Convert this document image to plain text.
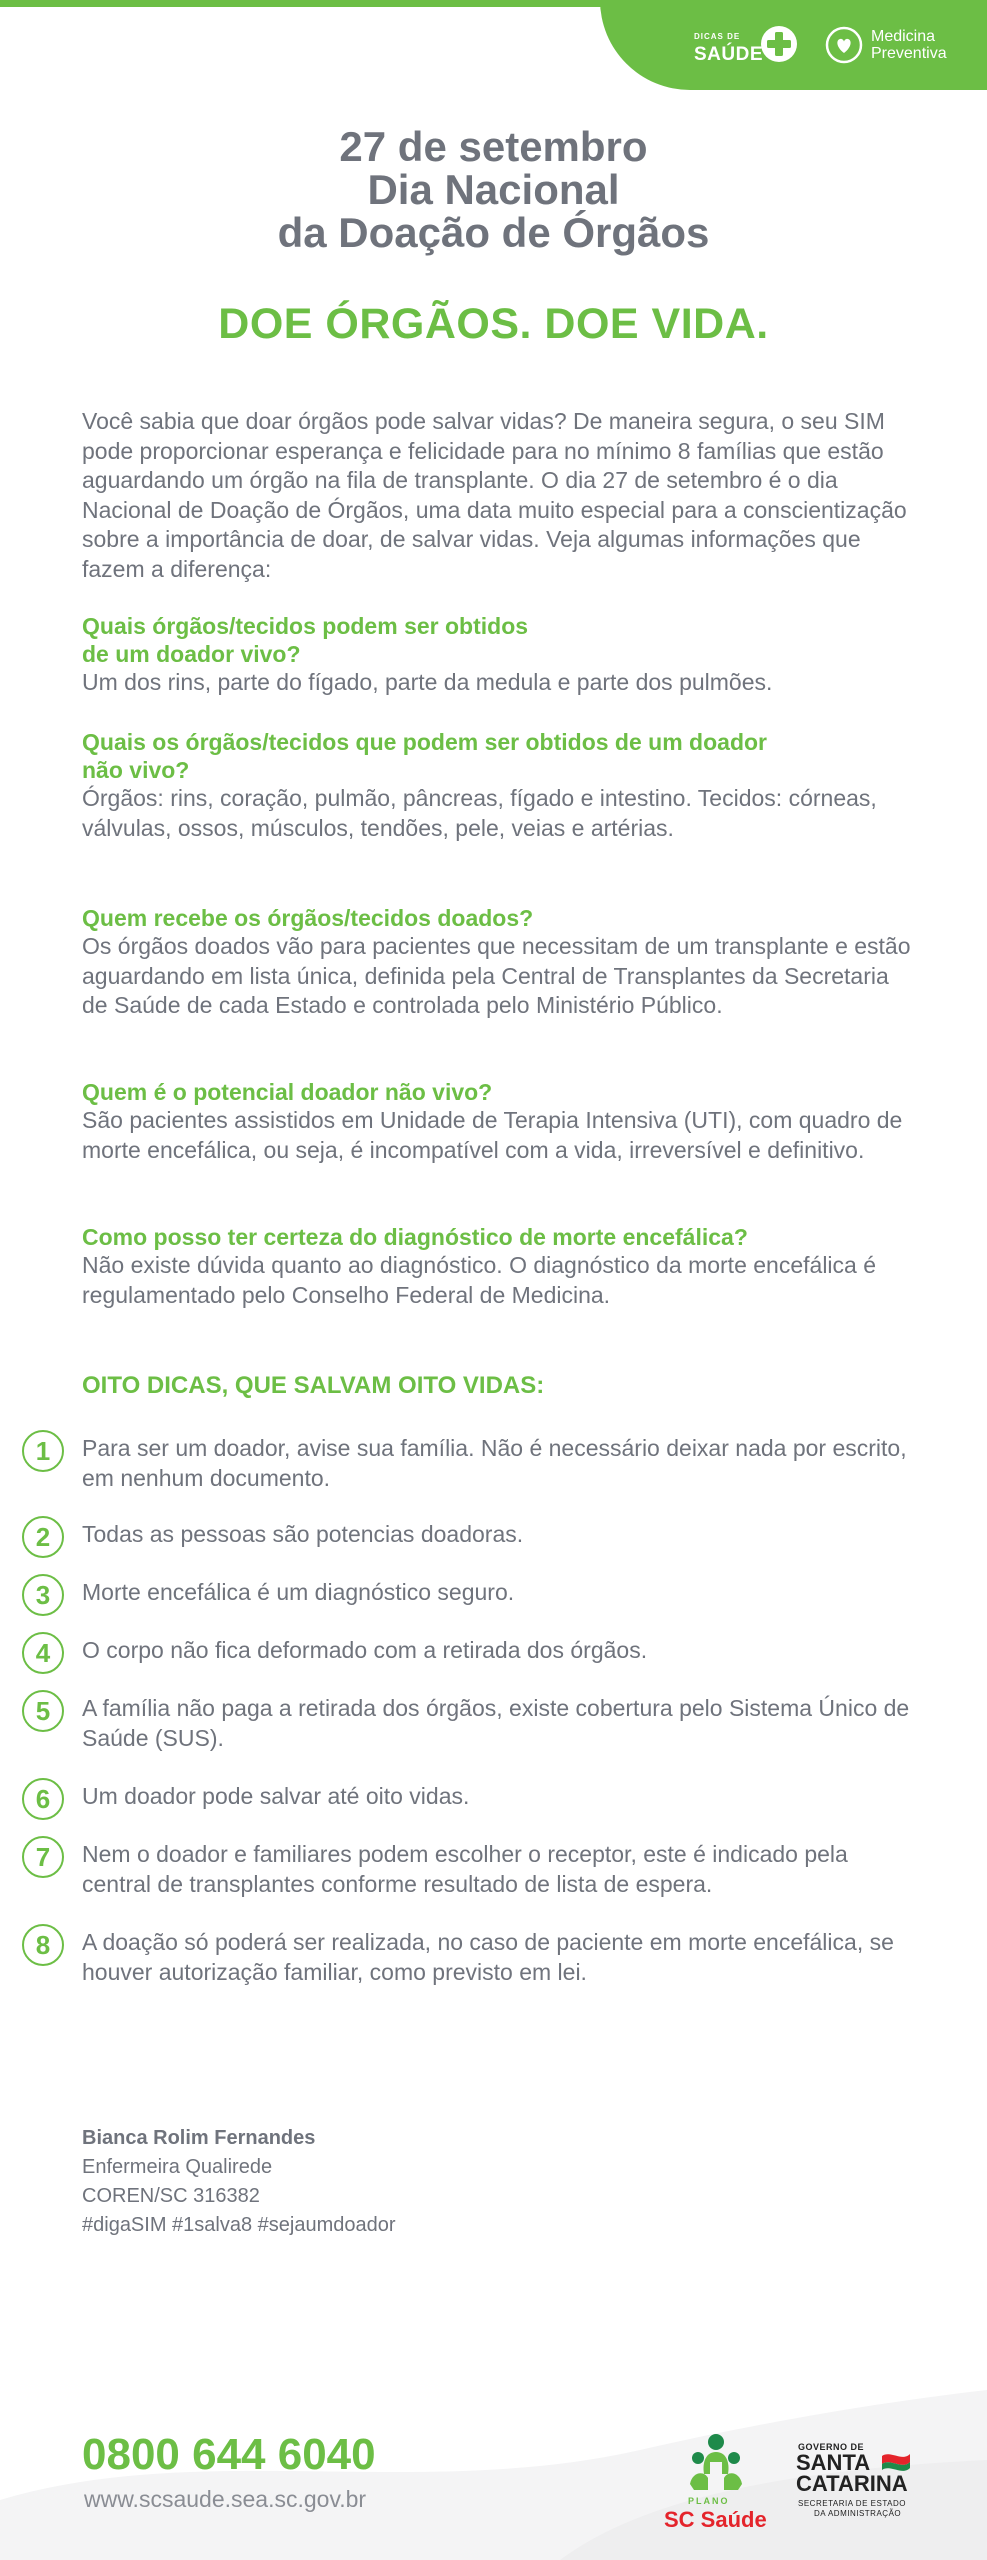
DICAS DE
SAÚDE
Medicina
Preventiva
27 de setembro
Dia Nacional
da Doação de Órgãos
DOE ÓRGÃOS. DOE VIDA.

Você sabia que doar órgãos pode salvar vidas? De maneira segura, o seu SIM pode proporcionar esperança e felicidade para no mínimo 8 famílias que estão aguardando um órgão na fila de transplante. O dia 27 de setembro é o dia Nacional de Doação de Órgãos, uma data muito especial para a conscientização sobre a importância de doar, de salvar vidas. Veja algumas informações que fazem a diferença:

Quais órgãos/tecidos podem ser obtidos
de um doador vivo?

Um dos rins, parte do fígado, parte da medula e parte dos pulmões.

Quais os órgãos/tecidos que podem ser obtidos de um doador
não vivo?

Órgãos: rins, coração, pulmão, pâncreas, fígado e intestino. Tecidos: córneas, válvulas, ossos, músculos, tendões, pele, veias e artérias.

Quem recebe os órgãos/tecidos doados?

Os órgãos doados vão para pacientes que necessitam de um transplante e estão aguardando em lista única, definida pela Central de Transplantes da Secretaria de Saúde de cada Estado e controlada pelo Ministério Público.

Quem é o potencial doador não vivo?

São pacientes assistidos em Unidade de Terapia Intensiva (UTI), com quadro de morte encefálica, ou seja, é incompatível com a vida, irreversível e definitivo.

Como posso ter certeza do diagnóstico de morte encefálica?

Não existe dúvida quanto ao diagnóstico. O diagnóstico da morte encefálica é regulamentado pelo Conselho Federal de Medicina.

OITO DICAS, QUE SALVAM OITO VIDAS:
1	Para ser um doador, avise sua família. Não é necessário deixar nada por escrito, em nenhum documento.

2	Todas as pessoas são potencias doadoras.

3	Morte encefálica é um diagnóstico seguro.

4	O corpo não fica deformado com a retirada dos órgãos.

5	A família não paga a retirada dos órgãos, existe cobertura pelo Sistema Único de Saúde (SUS).

6	Um doador pode salvar até oito vidas.

7	Nem o doador e familiares podem escolher o receptor, este é indicado pela central de transplantes conforme resultado de lista de espera.

8	A doação só poderá ser realizada, no caso de paciente em morte encefálica, se houver autorização familiar, como previsto em lei.

Bianca Rolim Fernandes
Enfermeira Qualirede
COREN/SC 316382
#digaSIM #1salva8 #sejaumdoador
0800 644 6040
www.scsaude.sea.sc.gov.br	PLANO
SC Saúde
GOVERNO DE
SANTA
CATARINA
SECRETARIA DE ESTADO
DA ADMINISTRAÇÃO
